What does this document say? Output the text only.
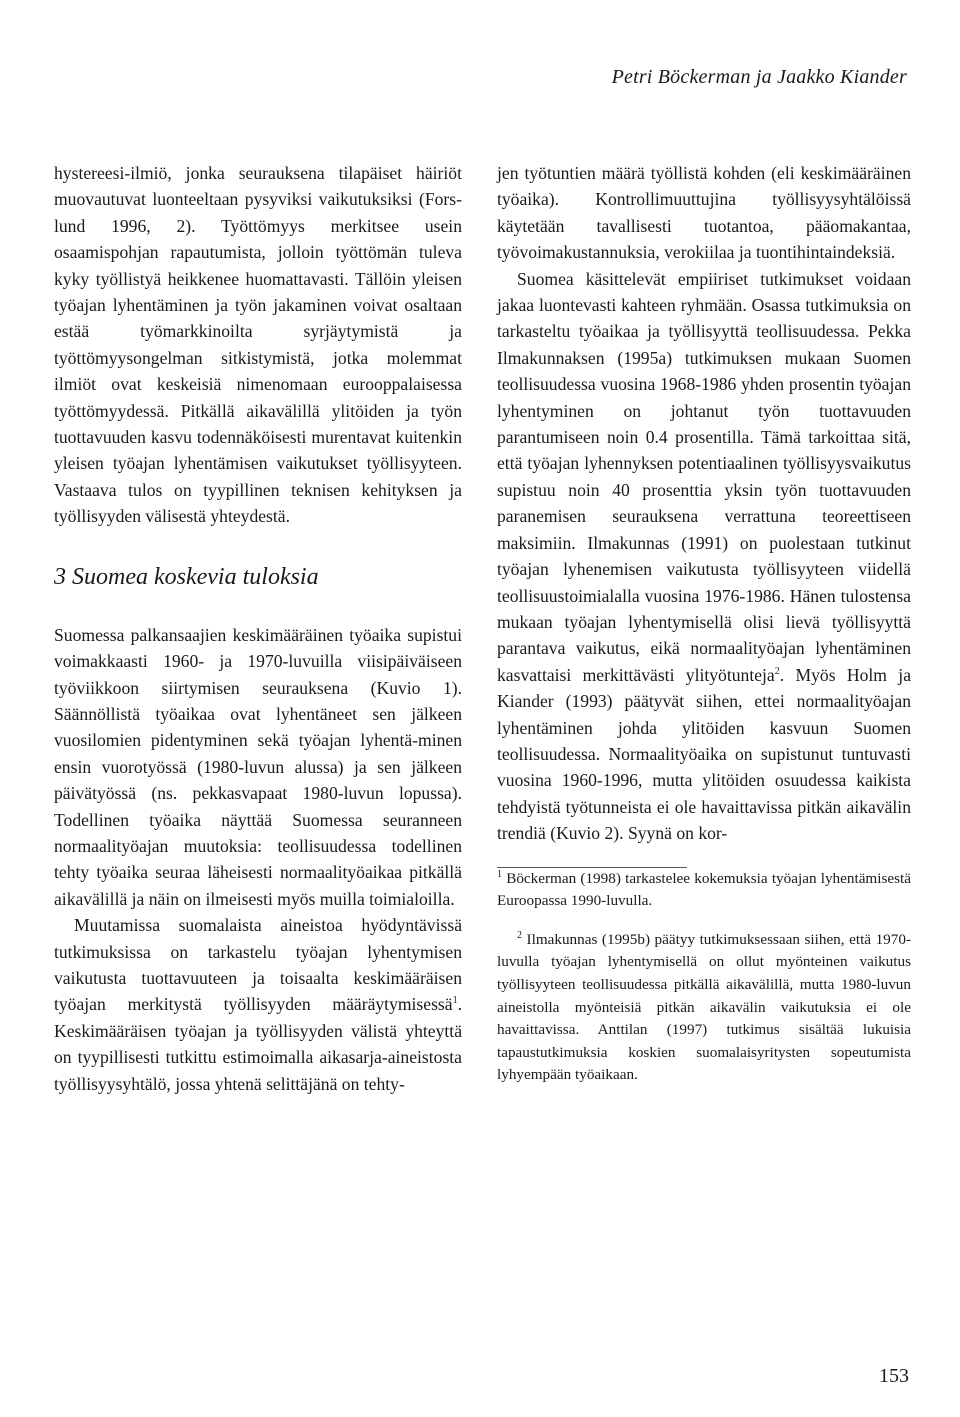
Petri Böckerman ja Jaakko Kiander

hystereesi-ilmiö, jonka seurauksena tilapäiset häiriöt muovautuvat luonteeltaan pysyviksi vaikutuksiksi (Fors-lund 1996, 2). Työttömyys merkitsee usein osaamispohjan rapautumista, jolloin työttömän tuleva kyky työllistyä heikkenee huomattavasti. Tällöin yleisen työajan lyhentäminen ja työn jakaminen voivat osaltaan estää työmarkkinoilta syrjäytymistä ja työttömyysongelman sitkistymistä, jotka molemmat ilmiöt ovat keskeisiä nimenomaan eurooppalaisessa työttömyydessä. Pitkällä aikavälillä ylitöiden ja työn tuottavuuden kasvu todennäköisesti murentavat kuitenkin yleisen työajan lyhentämisen vaikutukset työllisyyteen. Vastaava tulos on tyypillinen teknisen kehityksen ja työllisyyden välisestä yhteydestä.

3 Suomea koskevia tuloksia

Suomessa palkansaajien keskimääräinen työaika supistui voimakkaasti 1960- ja 1970-luvuilla viisipäiväiseen työviikkoon siirtymisen seurauksena (Kuvio 1). Säännöllistä työaikaa ovat lyhentäneet sen jälkeen vuosilomien pidentyminen sekä työajan lyhentä-minen ensin vuorotyössä (1980-luvun alussa) ja sen jälkeen päivätyössä (ns. pekkasvapaat 1980-luvun lopussa). Todellinen työaika näyttää Suomessa seuranneen normaalityöajan muutoksia: teollisuudessa todellinen tehty työaika seuraa läheisesti normaalityöaikaa pitkällä aikavälillä ja näin on ilmeisesti myös muilla toimialoilla.

Muutamissa suomalaista aineistoa hyödyntävissä tutkimuksissa on tarkastelu työajan lyhentymisen vaikutusta tuottavuuteen ja toisaalta keskimääräisen työajan merkitystä työllisyyden määräytymisessä$^1$. Keskimääräisen työajan ja työllisyyden välistä yhteyttä on tyypillisesti tutkittu estimoimalla aikasarja-aineistosta työllisyysyhtälö, jossa yhtenä selittäjänä on tehty-

jen työtuntien määrä työllistä kohden (eli keskimääräinen työaika). Kontrollimuuttujina työllisyysyhtälöissä käytetään tavallisesti tuotantoa, pääomakantaa, työvoimakustannuksia, verokiilaa ja tuontihintaindeksiä.

Suomea käsittelevät empiiriset tutkimukset voidaan jakaa luontevasti kahteen ryhmään. Osassa tutkimuksia on tarkasteltu työaikaa ja työllisyyttä teollisuudessa. Pekka Ilmakunnaksen (1995a) tutkimuksen mukaan Suomen teollisuudessa vuosina 1968-1986 yhden prosentin työajan lyhentyminen on johtanut työn tuottavuuden parantumiseen noin 0.4 prosentilla. Tämä tarkoittaa sitä, että työajan lyhennyksen potentiaalinen työllisyysvaikutus supistuu noin 40 prosenttia yksin työn tuottavuuden paranemisen seurauksena verrattuna teoreettiseen maksimiin. Ilmakunnas (1991) on puolestaan tutkinut työajan lyhenemisen vaikutusta työllisyyteen viidellä teollisuustoimialalla vuosina 1976-1986. Hänen tulostensa mukaan työajan lyhentymisellä olisi lievä työllisyyttä parantava vaikutus, eikä normaalityöajan lyhentäminen kasvattaisi merkittävästi ylityötunteja$^2$. Myös Holm ja Kiander (1993) päätyvät siihen, ettei normaalityöajan lyhentäminen johda ylitöiden kasvuun Suomen teollisuudessa. Normaalityöaika on supistunut tuntuvasti vuosina 1960-1996, mutta ylitöiden osuudessa kaikista tehdyistä työtunneista ei ole havaittavissa pitkän aikavälin trendiä (Kuvio 2). Syynä on kor-

$^1$ Böckerman (1998) tarkastelee kokemuksia työajan lyhentämisestä Euroopassa 1990-luvulla.

$^2$ Ilmakunnas (1995b) päätyy tutkimuksessaan siihen, että 1970-luvulla työajan lyhentymisellä on ollut myönteinen vaikutus työllisyyteen teollisuudessa pitkällä aikavälillä, mutta 1980-luvun aineistolla myönteisiä pitkän aikavälin vaikutuksia ei ole havaittavissa. Anttilan (1997) tutkimus sisältää lukuisia tapaustutkimuksia koskien suomalaisyritysten sopeutumista lyhyempään työaikaan.

153
